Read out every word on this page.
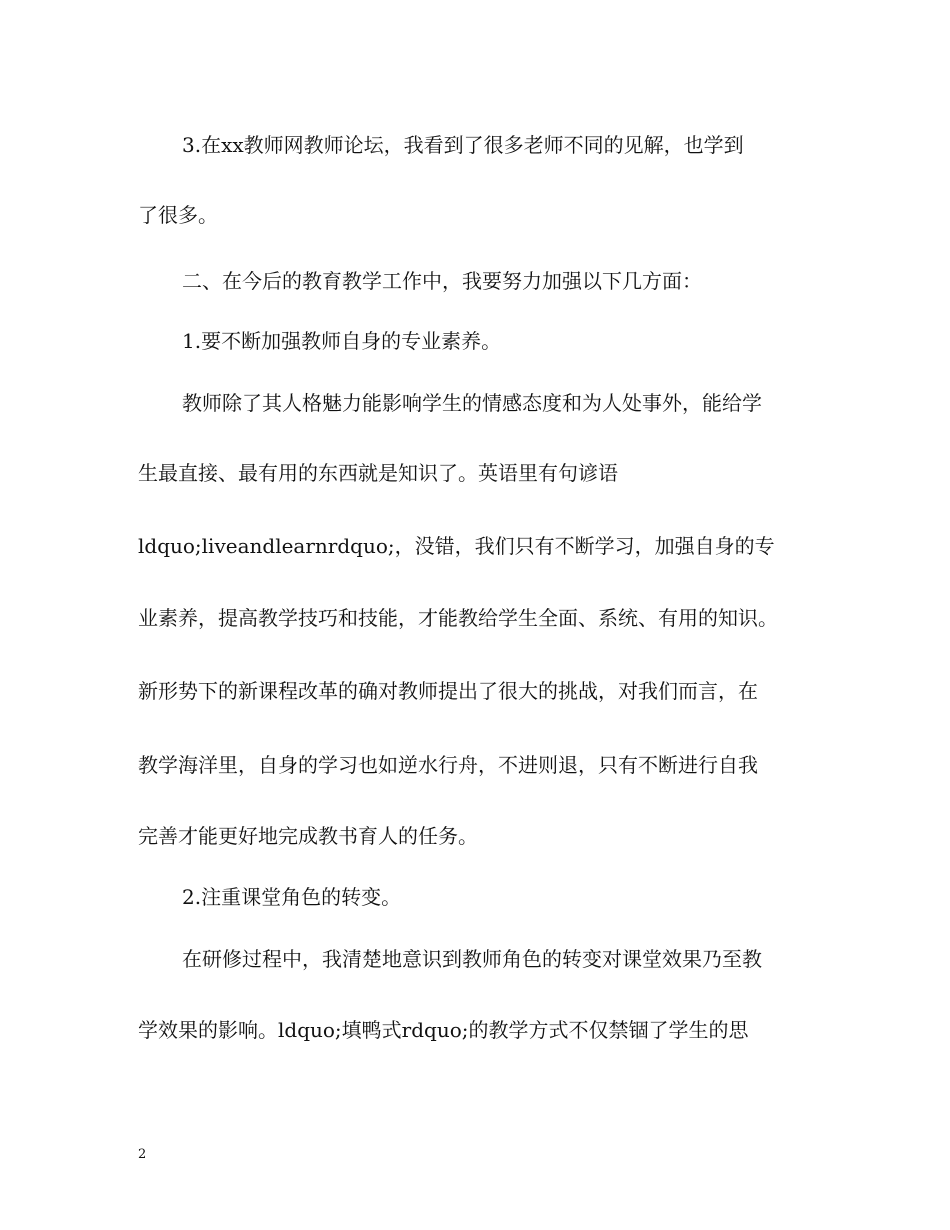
3.在xx教师网教师论坛，我看到了很多老师不同的见解，也学到
了很多。
二、在今后的教育教学工作中，我要努力加强以下几方面：
1.要不断加强教师自身的专业素养。
教师除了其人格魅力能影响学生的情感态度和为人处事外，能给学
生最直接、最有用的东西就是知识了。英语里有句谚语
ldquo;liveandlearnrdquo;，没错，我们只有不断学习，加强自身的专
业素养，提高教学技巧和技能，才能教给学生全面、系统、有用的知识。
新形势下的新课程改革的确对教师提出了很大的挑战，对我们而言，在
教学海洋里，自身的学习也如逆水行舟，不进则退，只有不断进行自我
完善才能更好地完成教书育人的任务。
2.注重课堂角色的转变。
在研修过程中，我清楚地意识到教师角色的转变对课堂效果乃至教
学效果的影响。ldquo;填鸭式rdquo;的教学方式不仅禁锢了学生的思
2
